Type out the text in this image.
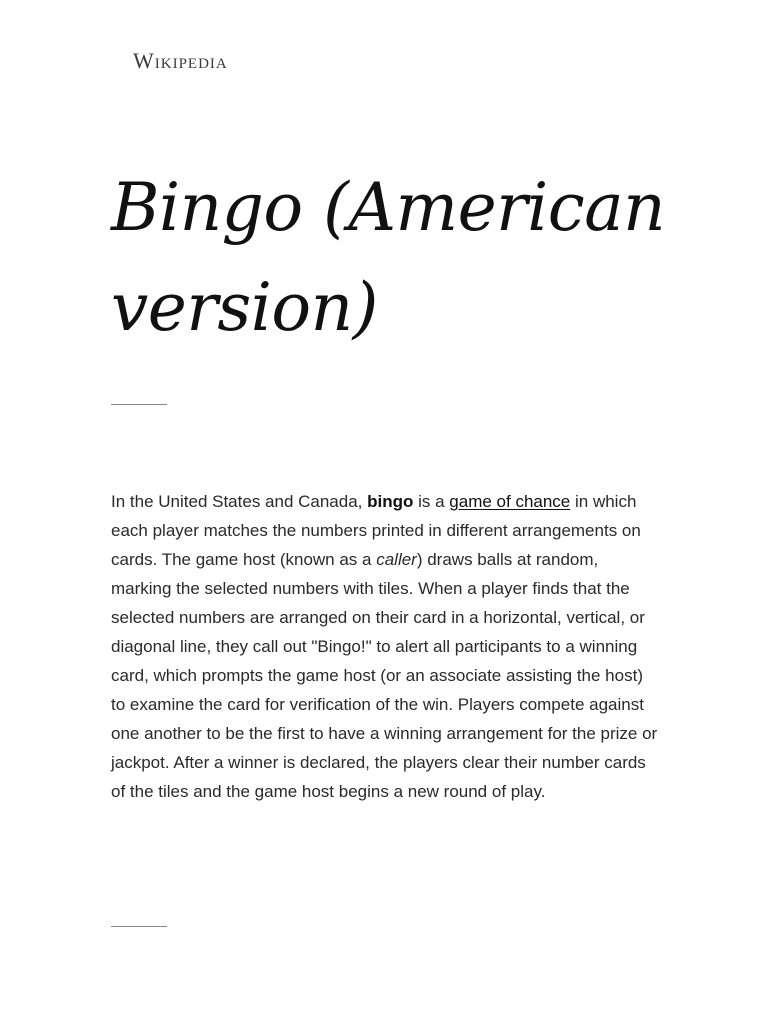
Wikipedia
Bingo (American version)

In the United States and Canada, bingo is a game of chance in which each player matches the numbers printed in different arrangements on cards. The game host (known as a caller) draws balls at random, marking the selected numbers with tiles. When a player finds that the selected numbers are arranged on their card in a horizontal, vertical, or diagonal line, they call out "Bingo!" to alert all participants to a winning card, which prompts the game host (or an associate assisting the host) to examine the card for verification of the win. Players compete against one another to be the first to have a winning arrangement for the prize or jackpot. After a winner is declared, the players clear their number cards of the tiles and the game host begins a new round of play.
